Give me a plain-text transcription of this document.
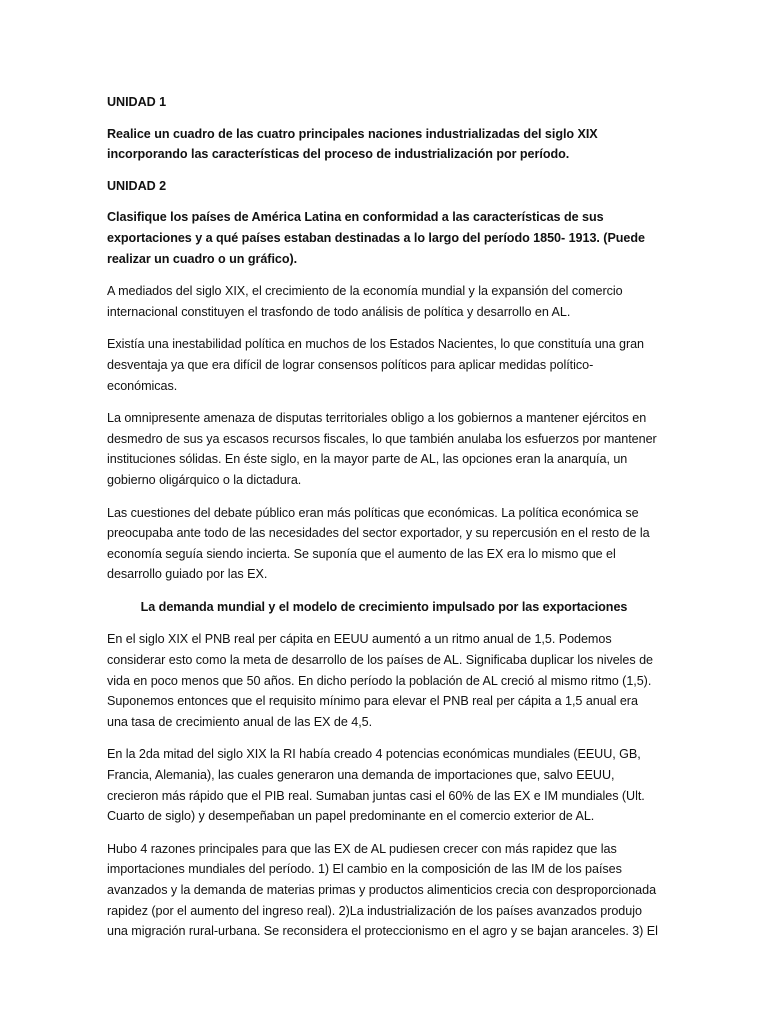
UNIDAD 1

Realice un cuadro de las cuatro principales naciones industrializadas del siglo XIX incorporando las características del proceso de industrialización por período.

UNIDAD 2

Clasifique los países de América Latina en conformidad a las características de sus exportaciones y a qué países estaban destinadas a lo largo del período 1850- 1913. (Puede realizar un cuadro o un gráfico).

A mediados del siglo XIX, el crecimiento de la economía mundial y la expansión del comercio internacional constituyen el trasfondo de todo análisis de política y desarrollo en AL.

Existía una inestabilidad política en muchos de los Estados Nacientes, lo que constituía una gran desventaja ya que era difícil de lograr consensos políticos para aplicar medidas político-económicas.

La omnipresente amenaza de disputas territoriales obligo a los gobiernos a mantener ejércitos en desmedro de sus ya escasos recursos fiscales, lo que también anulaba los esfuerzos por mantener instituciones sólidas. En éste siglo, en la mayor parte de AL, las opciones eran la anarquía, un gobierno oligárquico o la dictadura.

Las cuestiones del debate público eran más políticas que económicas. La política económica se preocupaba ante todo de las necesidades del sector exportador, y su repercusión en el resto de la economía seguía siendo incierta. Se suponía que el aumento de las EX era lo mismo que el desarrollo guiado por las EX.

La demanda mundial y el modelo de crecimiento impulsado por las exportaciones

En el siglo XIX el PNB real per cápita en EEUU aumentó a un ritmo anual de 1,5. Podemos considerar esto como la meta de desarrollo de los países de AL. Significaba duplicar los niveles de vida en poco menos que 50 años. En dicho período la población de AL creció al mismo ritmo (1,5). Suponemos entonces que el requisito mínimo para elevar el PNB real per cápita a 1,5 anual era una tasa de crecimiento anual de las EX de 4,5.

En la 2da mitad del siglo XIX la RI había creado 4 potencias económicas mundiales (EEUU, GB, Francia, Alemania), las cuales generaron una demanda de importaciones que, salvo EEUU, crecieron más rápido que el PIB real. Sumaban juntas casi el 60% de las EX e IM mundiales (Ult. Cuarto de siglo) y desempeñaban un papel predominante en el comercio exterior de AL.

Hubo 4 razones principales para que las EX de AL pudiesen crecer con más rapidez que las importaciones mundiales del período. 1) El cambio en la composición de las IM de los países avanzados y la demanda de materias primas y productos alimenticios crecia con desproporcionada rapidez (por el aumento del ingreso real). 2)La industrialización de los países avanzados produjo una migración rural-urbana. Se reconsidera el proteccionismo en el agro y se bajan aranceles. 3) El
